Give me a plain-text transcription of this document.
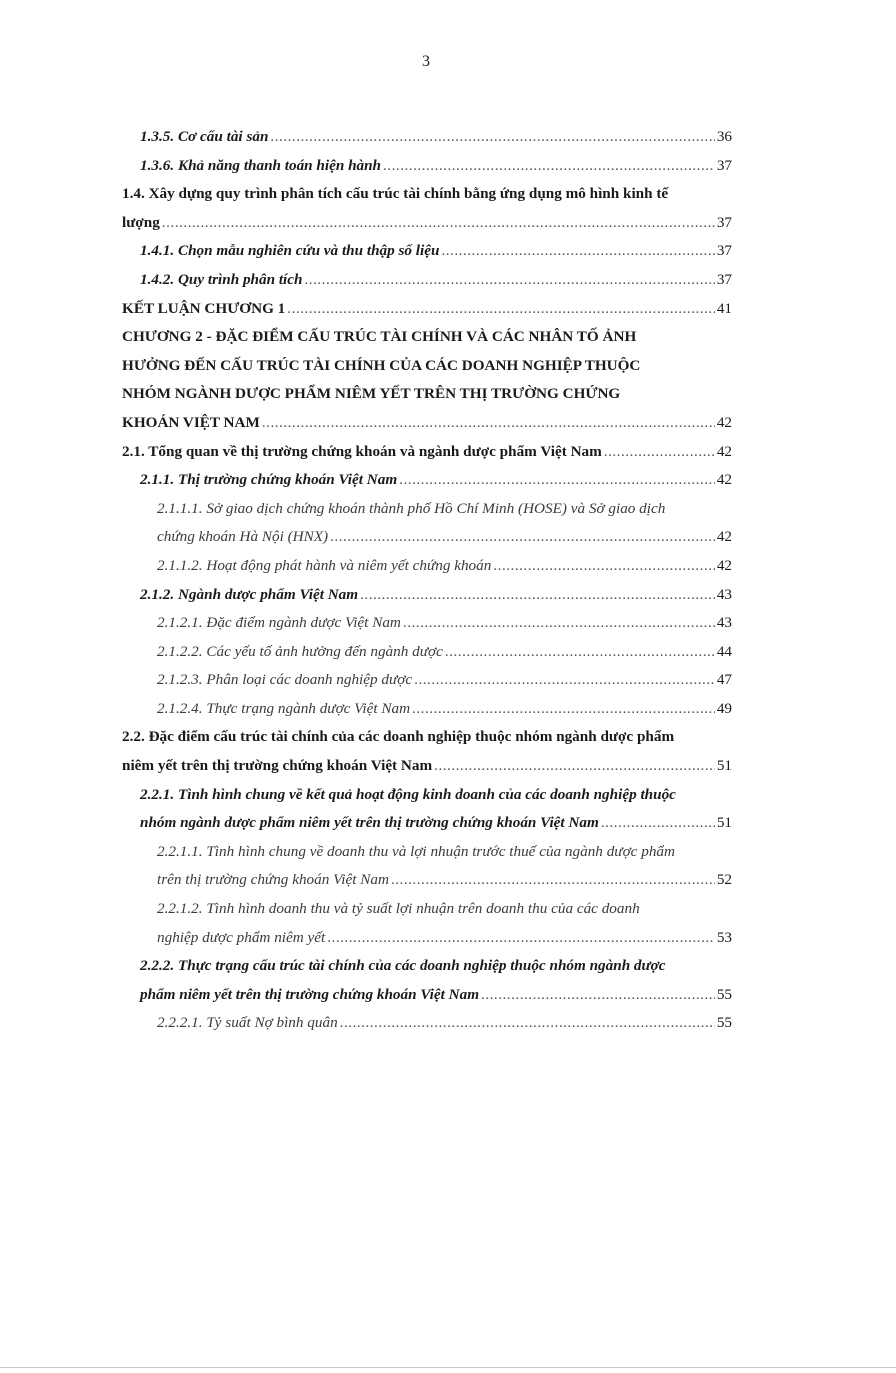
3
1.3.5. Cơ cấu tài sản .....	36
1.3.6. Khả năng thanh toán hiện hành .....	37
1.4. Xây dựng quy trình phân tích cấu trúc tài chính bằng ứng dụng mô hình kinh tế
lượng .....	37
1.4.1. Chọn mẫu nghiên cứu và thu thập số liệu .....	37
1.4.2. Quy trình phân tích .....	37
KẾT LUẬN CHƯƠNG 1 .....	41
CHƯƠNG 2 - ĐẶC ĐIỂM CẤU TRÚC TÀI CHÍNH VÀ CÁC NHÂN TỐ ẢNH
HƯỞNG ĐẾN CẤU TRÚC TÀI CHÍNH CỦA CÁC DOANH NGHIỆP THUỘC
NHÓM NGÀNH DƯỢC PHẨM NIÊM YẾT TRÊN THỊ TRƯỜNG CHỨNG
KHOÁN VIỆT NAM .....	42
2.1. Tổng quan về thị trường chứng khoán và ngành dược phẩm Việt Nam .....	42
2.1.1. Thị trường chứng khoán Việt Nam .....	42
2.1.1.1. Sở giao dịch chứng khoán thành phố Hồ Chí Minh (HOSE) và Sở giao dịch
chứng khoán Hà Nội (HNX) .....	42
2.1.1.2. Hoạt động phát hành và niêm yết chứng khoán .....	42
2.1.2. Ngành dược phẩm Việt Nam .....	43
2.1.2.1. Đặc điểm ngành dược Việt Nam .....	43
2.1.2.2. Các yếu tố ảnh hưởng đến ngành dược .....	44
2.1.2.3. Phân loại các doanh nghiệp dược .....	47
2.1.2.4. Thực trạng ngành dược Việt Nam .....	49
2.2. Đặc điểm cấu trúc tài chính của các doanh nghiệp thuộc nhóm ngành dược phẩm
niêm yết trên thị trường chứng khoán Việt Nam .....	51
2.2.1. Tình hình chung về kết quả hoạt động kinh doanh của các doanh nghiệp thuộc
nhóm ngành dược phẩm niêm yết trên thị trường chứng khoán Việt Nam .....	51
2.2.1.1. Tình hình chung về doanh thu và lợi nhuận trước thuế của ngành dược phẩm
trên thị trường chứng khoán Việt Nam .....	52
2.2.1.2. Tình hình doanh thu và tỷ suất lợi nhuận trên doanh thu của các doanh
nghiệp dược phẩm niêm yết .....	53
2.2.2. Thực trạng cấu trúc tài chính của các doanh nghiệp thuộc nhóm ngành dược
phẩm niêm yết trên thị trường chứng khoán Việt Nam .....	55
2.2.2.1. Tỷ suất Nợ bình quân .....	55
